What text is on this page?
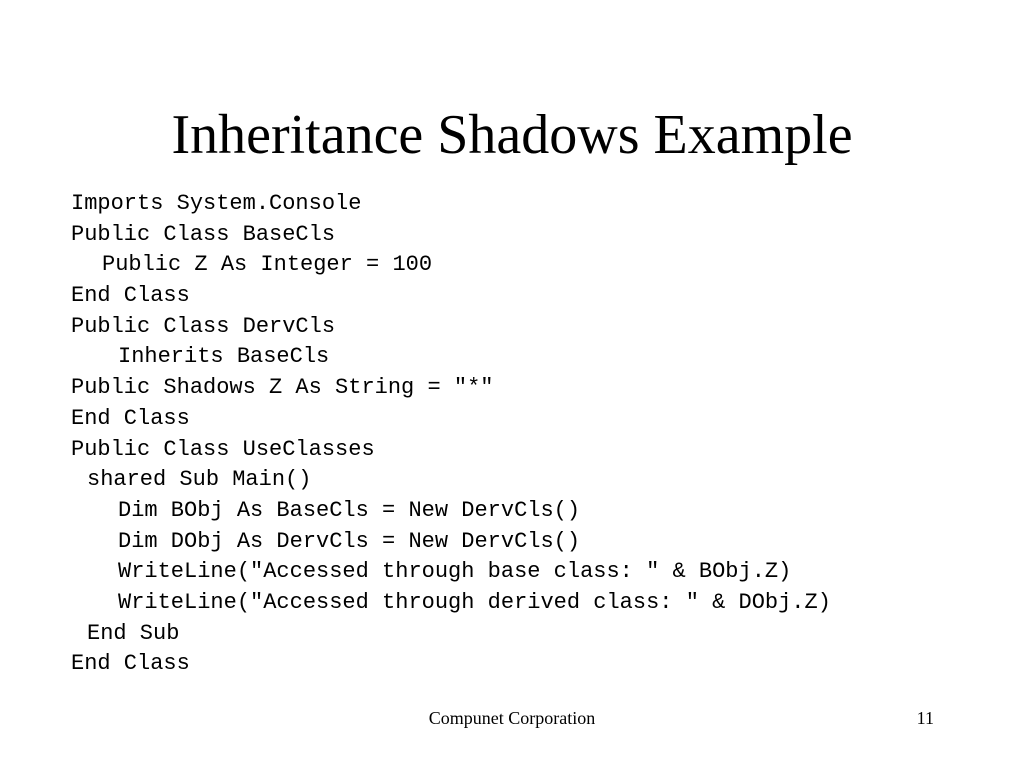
Inheritance Shadows Example
Imports System.Console
Public Class BaseCls
Public Z As Integer = 100
End Class
Public Class DervCls
Inherits BaseCls
Public Shadows Z As String = "*"
End Class
Public Class UseClasses
shared Sub Main()
Dim BObj As BaseCls = New DervCls()
Dim DObj As DervCls = New DervCls()
WriteLine("Accessed through base class: " & BObj.Z)
WriteLine("Accessed through derived class: " & DObj.Z)
End Sub
End Class
Compunet Corporation	11
